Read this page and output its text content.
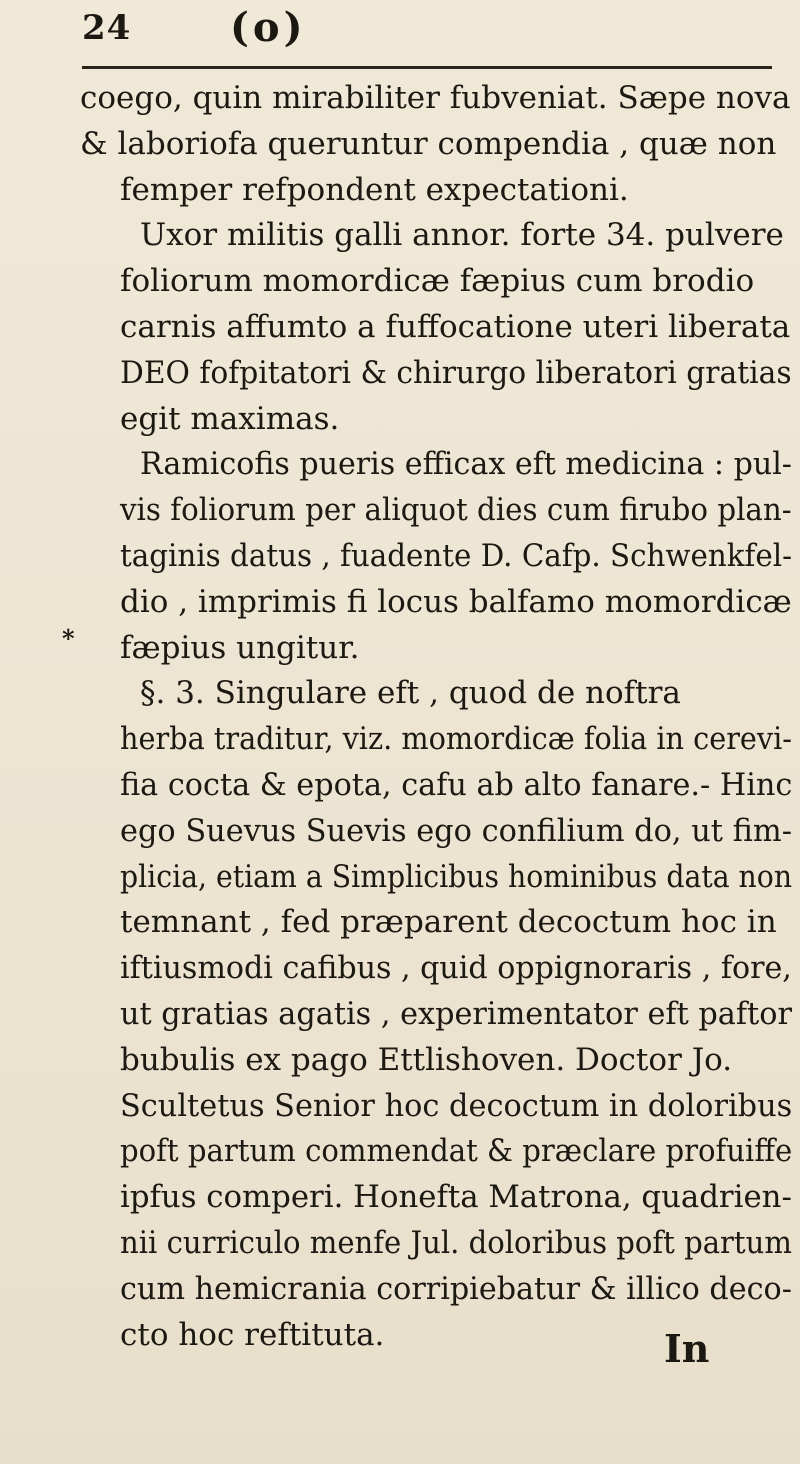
24 (o)
*
coego, quin mirabiliter fubveniat. Sæpe nova
& laboriofa queruntur compendia , quæ non
femper refpondent expectationi.
Uxor militis galli annor. forte 34. pulvere
foliorum momordicæ fæpius cum brodio
carnis affumto a fuffocatione uteri liberata
DEO fofpitatori & chirurgo liberatori gratias
egit maximas.
Ramicofis pueris efficax eft medicina : pul-
vis foliorum per aliquot dies cum firubo plan-
taginis datus , fuadente D. Cafp. Schwenkfel-
dio , imprimis fi locus balfamo momordicæ
fæpius ungitur.
§. 3. Singulare eft , quod de noftra
herba traditur, viz. momordicæ folia in cerevi-
fia cocta & epota, cafu ab alto fanare.- Hinc
ego Suevus Suevis ego confilium do, ut fim-
plicia, etiam a Simplicibus hominibus data non
temnant , fed præparent decoctum hoc in
iftiusmodi cafibus , quid oppignoraris , fore,
ut gratias agatis , experimentator eft paftor
bubulis ex pago Ettlishoven. Doctor Jo.
Scultetus Senior hoc decoctum in doloribus
poft partum commendat & præclare profuiffe
ipfus comperi. Honefta Matrona, quadrien-
nii curriculo menfe Jul. doloribus poft partum
cum hemicrania corripiebatur & illico deco-
cto hoc reftituta.	In
